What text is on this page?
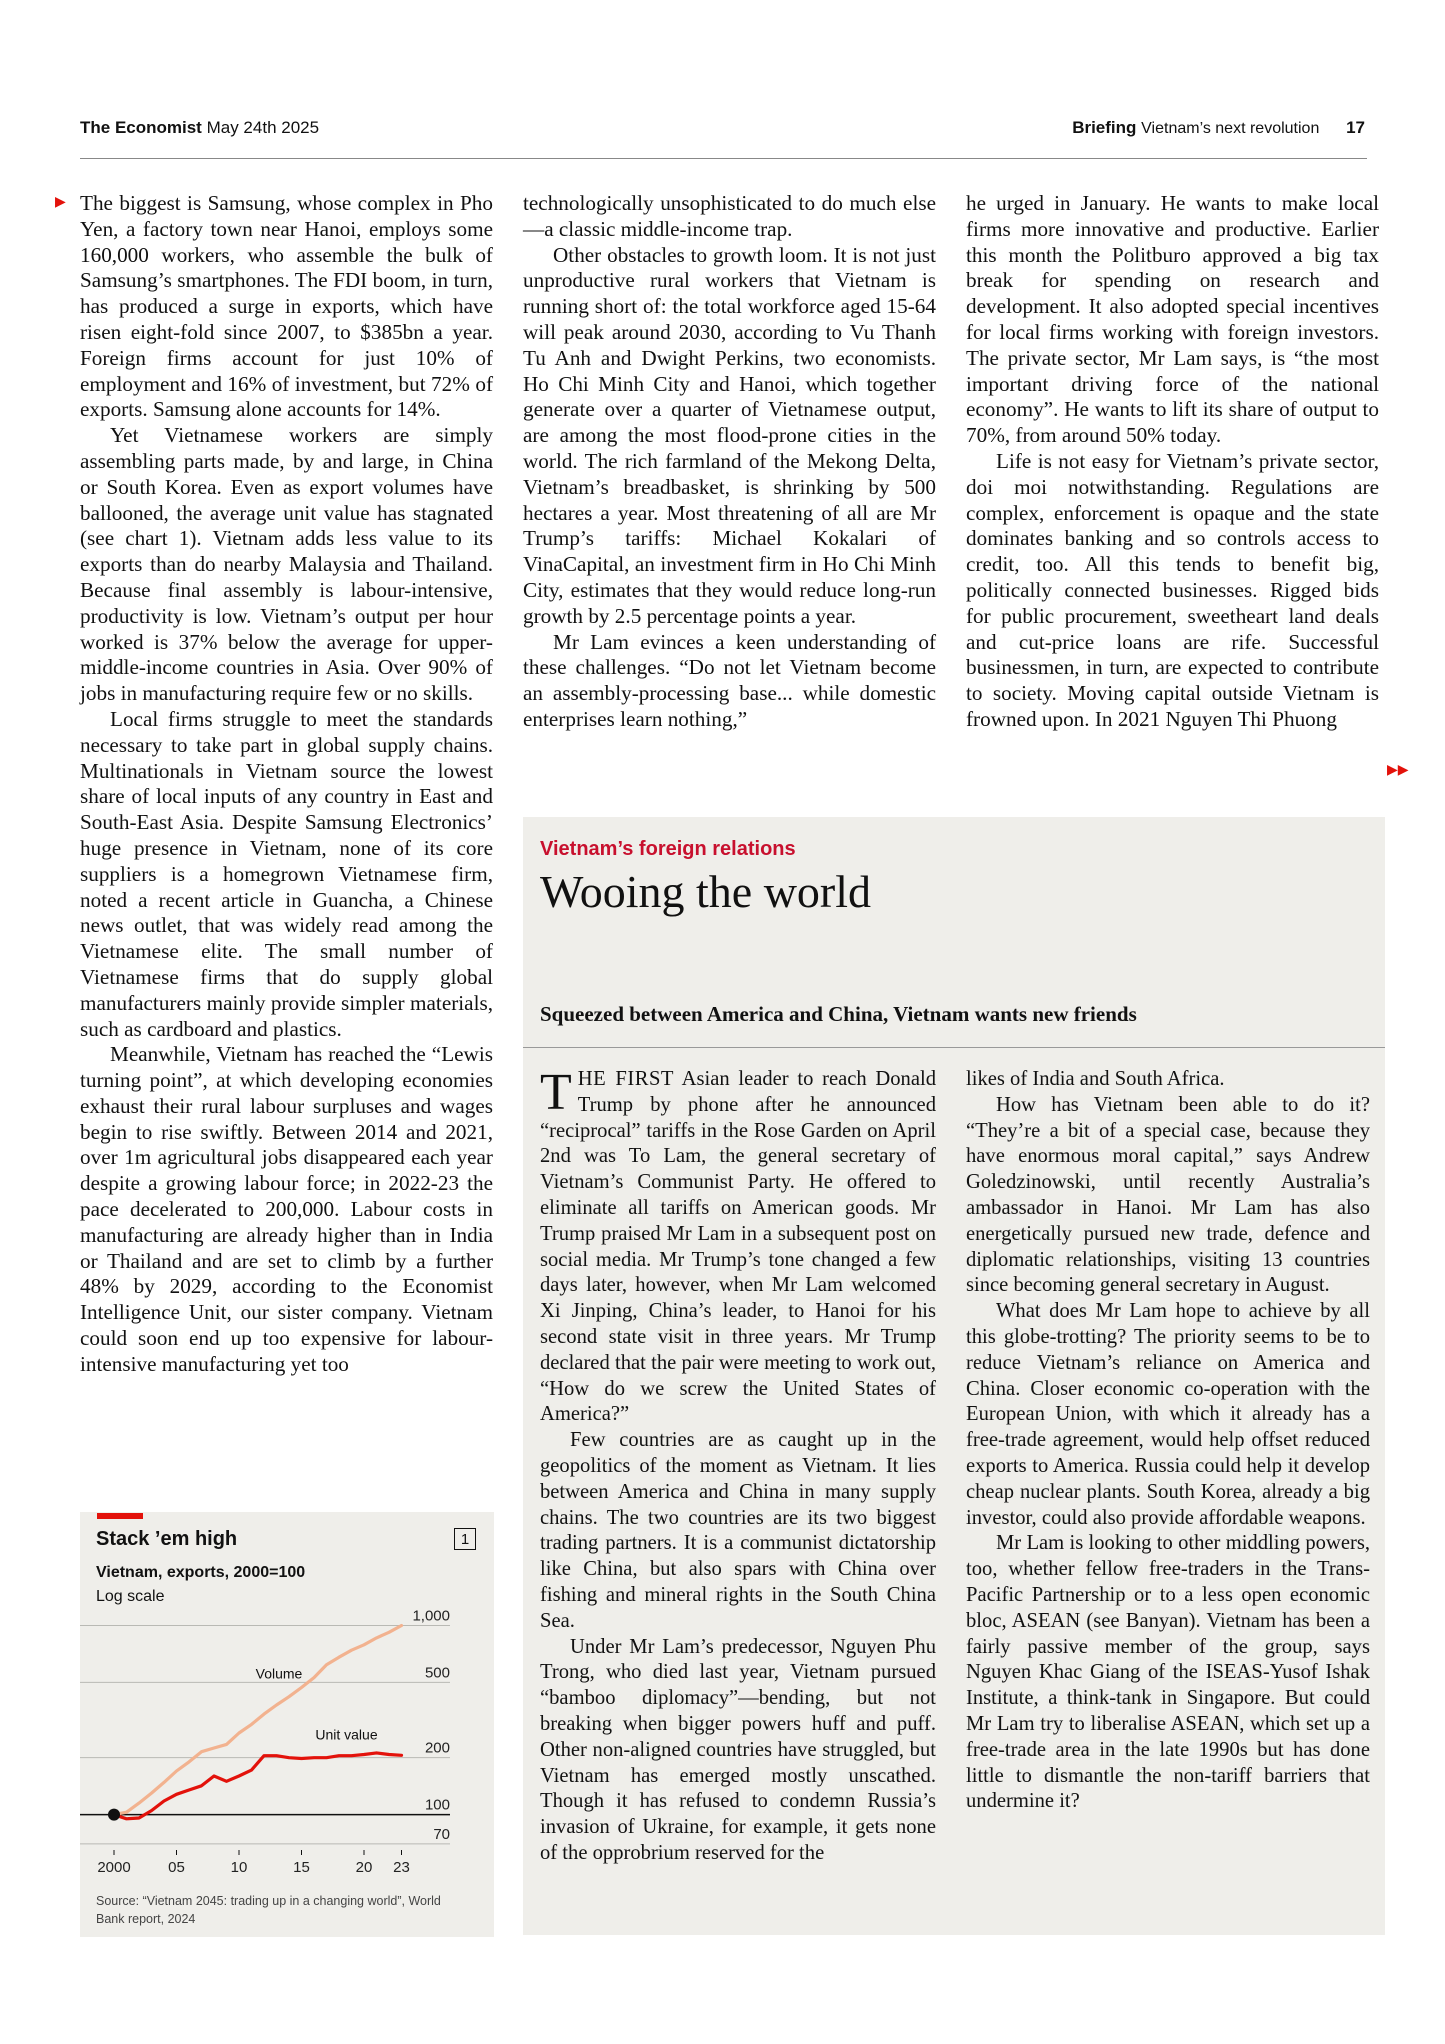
The Economist May 24th 2025	Briefing Vietnam’s next revolution 17
▶
▶▶

The biggest is Samsung, whose complex in Pho Yen, a factory town near Hanoi, employs some 160,000 workers, who assemble the bulk of Samsung’s smartphones. The FDI boom, in turn, has produced a surge in exports, which have risen eight-fold since 2007, to $385bn a year. Foreign firms account for just 10% of employment and 16% of investment, but 72% of exports. Samsung alone accounts for 14%.

Yet Vietnamese workers are simply assembling parts made, by and large, in China or South Korea. Even as export volumes have ballooned, the average unit value has stagnated (see chart 1). Vietnam adds less value to its exports than do nearby Malaysia and Thailand. Because final assembly is labour-intensive, productivity is low. Vietnam’s output per hour worked is 37% below the average for upper-middle-income countries in Asia. Over 90% of jobs in manufacturing require few or no skills.

Local firms struggle to meet the standards necessary to take part in global supply chains. Multinationals in Vietnam source the lowest share of local inputs of any country in East and South-East Asia. Despite Samsung Electronics’ huge presence in Vietnam, none of its core suppliers is a homegrown Vietnamese firm, noted a recent article in Guancha, a Chinese news outlet, that was widely read among the Vietnamese elite. The small number of Vietnamese firms that do supply global manufacturers mainly provide simpler materials, such as cardboard and plastics.

Meanwhile, Vietnam has reached the “Lewis turning point”, at which developing economies exhaust their rural labour surpluses and wages begin to rise swiftly. Between 2014 and 2021, over 1m agricultural jobs disappeared each year despite a growing labour force; in 2022-23 the pace decelerated to 200,000. Labour costs in manufacturing are already higher than in India or Thailand and are set to climb by a further 48% by 2029, according to the Economist Intelligence Unit, our sister company. Vietnam could soon end up too expensive for labour-intensive manufacturing yet too

technologically unsophisticated to do much else—a classic middle-income trap.

Other obstacles to growth loom. It is not just unproductive rural workers that Vietnam is running short of: the total workforce aged 15-64 will peak around 2030, according to Vu Thanh Tu Anh and Dwight Perkins, two economists. Ho Chi Minh City and Hanoi, which together generate over a quarter of Vietnamese output, are among the most flood-prone cities in the world. The rich farmland of the Mekong Delta, Vietnam’s breadbasket, is shrinking by 500 hectares a year. Most threatening of all are Mr Trump’s tariffs: Michael Kokalari of VinaCapital, an investment firm in Ho Chi Minh City, estimates that they would reduce long-run growth by 2.5 percentage points a year.

Mr Lam evinces a keen understanding of these challenges. “Do not let Vietnam become an assembly-processing base... while domestic enterprises learn nothing,”

he urged in January. He wants to make local firms more innovative and productive. Earlier this month the Politburo approved a big tax break for spending on research and development. It also adopted special incentives for local firms working with foreign investors. The private sector, Mr Lam says, is “the most important driving force of the national economy”. He wants to lift its share of output to 70%, from around 50% today.

Life is not easy for Vietnam’s private sector, doi moi notwithstanding. Regulations are complex, enforcement is opaque and the state dominates banking and so controls access to credit, too. All this tends to benefit big, politically connected businesses. Rigged bids for public procurement, sweetheart land deals and cut-price loans are rife. Successful businessmen, in turn, are expected to contribute to society. Moving capital outside Vietnam is frowned upon. In 2021 Nguyen Thi Phuong

Vietnam’s foreign relations
Wooing the world
Squeezed between America and China, Vietnam wants new friends

THE FIRST Asian leader to reach Donald Trump by phone after he announced “reciprocal” tariffs in the Rose Garden on April 2nd was To Lam, the general secretary of Vietnam’s Communist Party. He offered to eliminate all tariffs on American goods. Mr Trump praised Mr Lam in a subsequent post on social media. Mr Trump’s tone changed a few days later, however, when Mr Lam welcomed Xi Jinping, China’s leader, to Hanoi for his second state visit in three years. Mr Trump declared that the pair were meeting to work out, “How do we screw the United States of America?”

Few countries are as caught up in the geopolitics of the moment as Vietnam. It lies between America and China in many supply chains. The two countries are its two biggest trading partners. It is a communist dictatorship like China, but also spars with China over fishing and mineral rights in the South China Sea.

Under Mr Lam’s predecessor, Nguyen Phu Trong, who died last year, Vietnam pursued “bamboo diplomacy”—bending, but not breaking when bigger powers huff and puff. Other non-aligned countries have struggled, but Vietnam has emerged mostly unscathed. Though it has refused to condemn Russia’s invasion of Ukraine, for example, it gets none of the opprobrium reserved for the

likes of India and South Africa.

How has Vietnam been able to do it? “They’re a bit of a special case, because they have enormous moral capital,” says Andrew Goledzinowski, until recently Australia’s ambassador in Hanoi. Mr Lam has also energetically pursued new trade, defence and diplomatic relationships, visiting 13 countries since becoming general secretary in August.

What does Mr Lam hope to achieve by all this globe-trotting? The priority seems to be to reduce Vietnam’s reliance on America and China. Closer economic co-operation with the European Union, with which it already has a free-trade agreement, would help offset reduced exports to America. Russia could help it develop cheap nuclear plants. South Korea, already a big investor, could also provide affordable weapons.

Mr Lam is looking to other middling powers, too, whether fellow free-traders in the Trans-Pacific Partnership or to a less open economic bloc, ASEAN (see Banyan). Vietnam has been a fairly passive member of the group, says Nguyen Khac Giang of the ISEAS-Yusof Ishak Institute, a think-tank in Singapore. But could Mr Lam try to liberalise ASEAN, which set up a free-trade area in the late 1990s but has done little to dismantle the non-tariff barriers that undermine it?

Stack ’em high	1
Vietnam, exports, 2000=100
Log scale
70
100
200
500
1,000
2000 05	10	15	20 23
Volume
Unit value
Source: “Vietnam 2045: trading up in a changing world”, World Bank report, 2024
